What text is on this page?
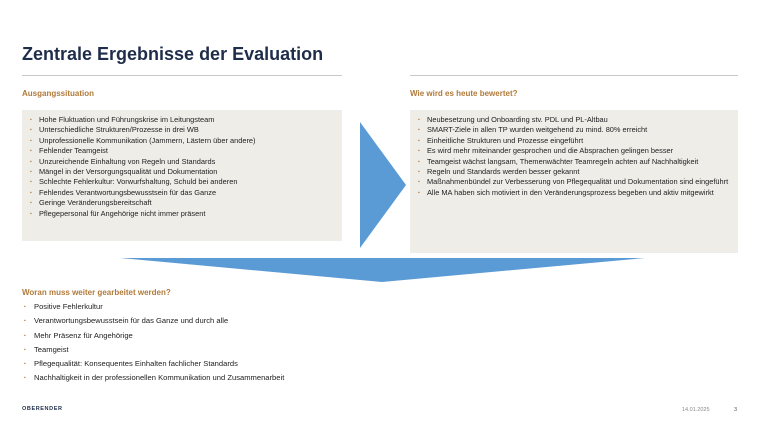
Zentrale Ergebnisse der Evaluation
Ausgangssituation
▪ Hohe Fluktuation und Führungskrise im Leitungsteam
▪ Unterschiedliche Strukturen/Prozesse in drei WB
▪ Unprofessionelle Kommunikation (Jammern, Lästern über andere)
▪ Fehlender Teamgeist
▪ Unzureichende Einhaltung von Regeln und Standards
▪ Mängel in der Versorgungsqualität und Dokumentation
▪ Schlechte Fehlerkultur: Vorwurfshaltung, Schuld bei anderen
▪ Fehlendes Verantwortungsbewusstsein für das Ganze
▪ Geringe Veränderungsbereitschaft
▪ Pflegepersonal für Angehörige nicht immer präsent
Wie wird es heute bewertet?
▪ Neubesetzung und Onboarding stv. PDL und PL-Altbau
▪ SMART-Ziele in allen TP wurden weitgehend zu mind. 80% erreicht
▪ Einheitliche Strukturen und Prozesse eingeführt
▪ Es wird mehr miteinander gesprochen und die Absprachen gelingen besser
▪ Teamgeist wächst langsam, Themenwächter Teamregeln achten auf Nachhaltigkeit
▪ Regeln und Standards werden besser gekannt
▪ Maßnahmenbündel zur Verbesserung von Pflegequalität und Dokumentation sind eingeführt
▪ Alle MA haben sich motiviert in den Veränderungsprozess begeben und aktiv mitgewirkt
Woran muss weiter gearbeitet werden?
▪ Positive Fehlerkultur
▪ Verantwortungsbewusstsein für das Ganze und durch alle
▪ Mehr Präsenz für Angehörige
▪ Teamgeist
▪ Pflegequalität: Konsequentes Einhalten fachlicher Standards
▪ Nachhaltigkeit in der professionellen Kommunikation und Zusammenarbeit
OBERENDER	14.01.2025	3
